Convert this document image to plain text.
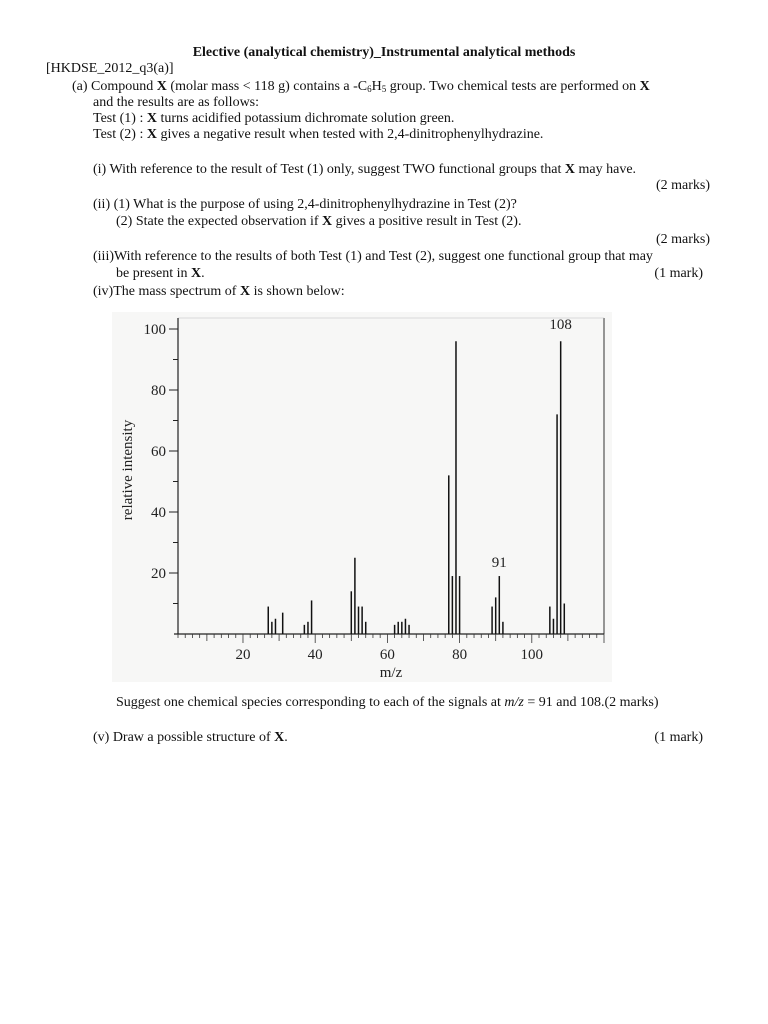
Elective (analytical chemistry)_Instrumental analytical methods
[HKDSE_2012_q3(a)]
(a) Compound X (molar mass < 118 g) contains a $-C_6H_5$ group. Two chemical tests are performed on X
and the results are as follows:
Test (1) : X turns acidified potassium dichromate solution green.
Test (2) : X gives a negative result when tested with 2,4-dinitrophenylhydrazine.
(i) With reference to the result of Test (1) only, suggest TWO functional groups that X may have.
(2 marks)
(ii) (1) What is the purpose of using 2,4-dinitrophenylhydrazine in Test (2)?
(2) State the expected observation if X gives a positive result in Test (2).
(2 marks)
(iii)With reference to the results of both Test (1) and Test (2), suggest one functional group that may
be present in X.	(1 mark)
(iv)The mass spectrum of X is shown below:
20
40
60
80
100
20	40	60	80	100
91
108
m/z
relative intensity
Suggest one chemical species corresponding to each of the signals at m/z = 91 and 108.(2 marks)
(v) Draw a possible structure of X.	(1 mark)
